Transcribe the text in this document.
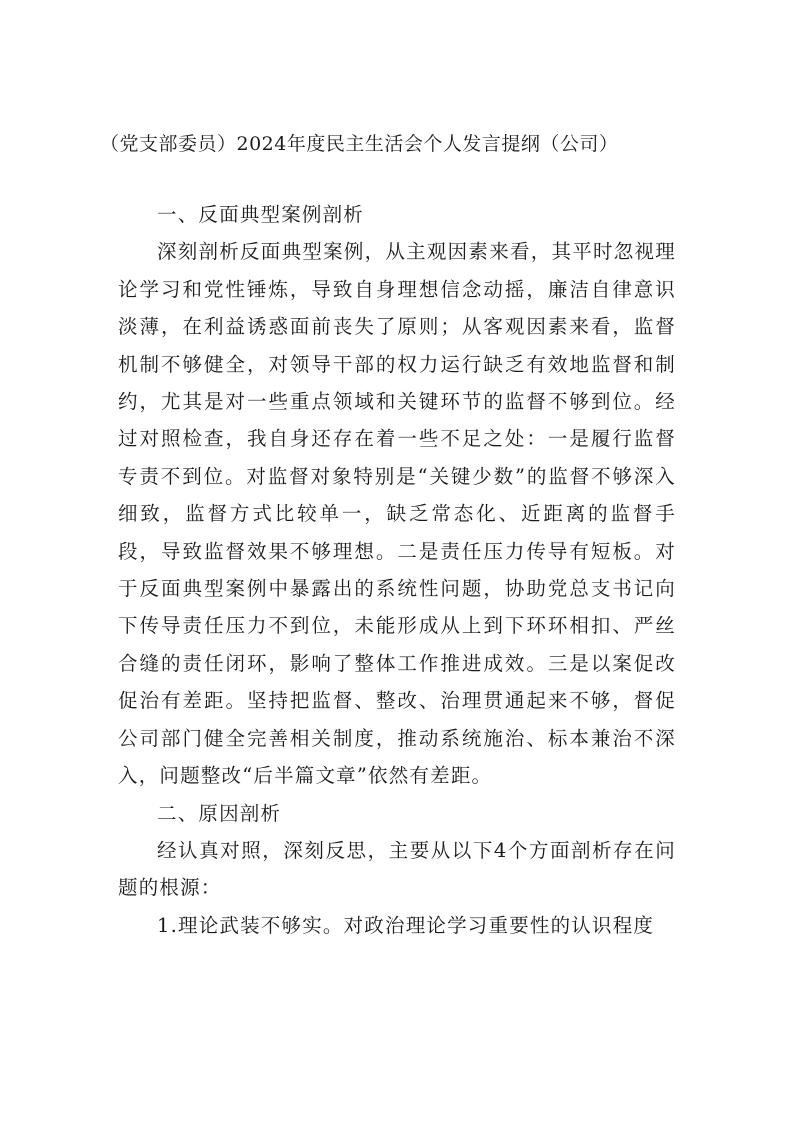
（党支部委员）2024年度民主生活会个人发言提纲（公司）

一、反面典型案例剖析

深刻剖析反面典型案例，从主观因素来看，其平时忽视理论学习和党性锤炼，导致自身理想信念动摇，廉洁自律意识淡薄，在利益诱惑面前丧失了原则；从客观因素来看，监督机制不够健全，对领导干部的权力运行缺乏有效地监督和制约，尤其是对一些重点领域和关键环节的监督不够到位。经过对照检查，我自身还存在着一些不足之处：一是履行监督专责不到位。对监督对象特别是“关键少数”的监督不够深入细致，监督方式比较单一，缺乏常态化、近距离的监督手段，导致监督效果不够理想。二是责任压力传导有短板。对于反面典型案例中暴露出的系统性问题，协助党总支书记向下传导责任压力不到位，未能形成从上到下环环相扣、严丝合缝的责任闭环，影响了整体工作推进成效。三是以案促改促治有差距。坚持把监督、整改、治理贯通起来不够，督促公司部门健全完善相关制度，推动系统施治、标本兼治不深入，问题整改“后半篇文章”依然有差距。

二、原因剖析

经认真对照，深刻反思，主要从以下4个方面剖析存在问题的根源：

1.理论武装不够实。对政治理论学习重要性的认识程度
